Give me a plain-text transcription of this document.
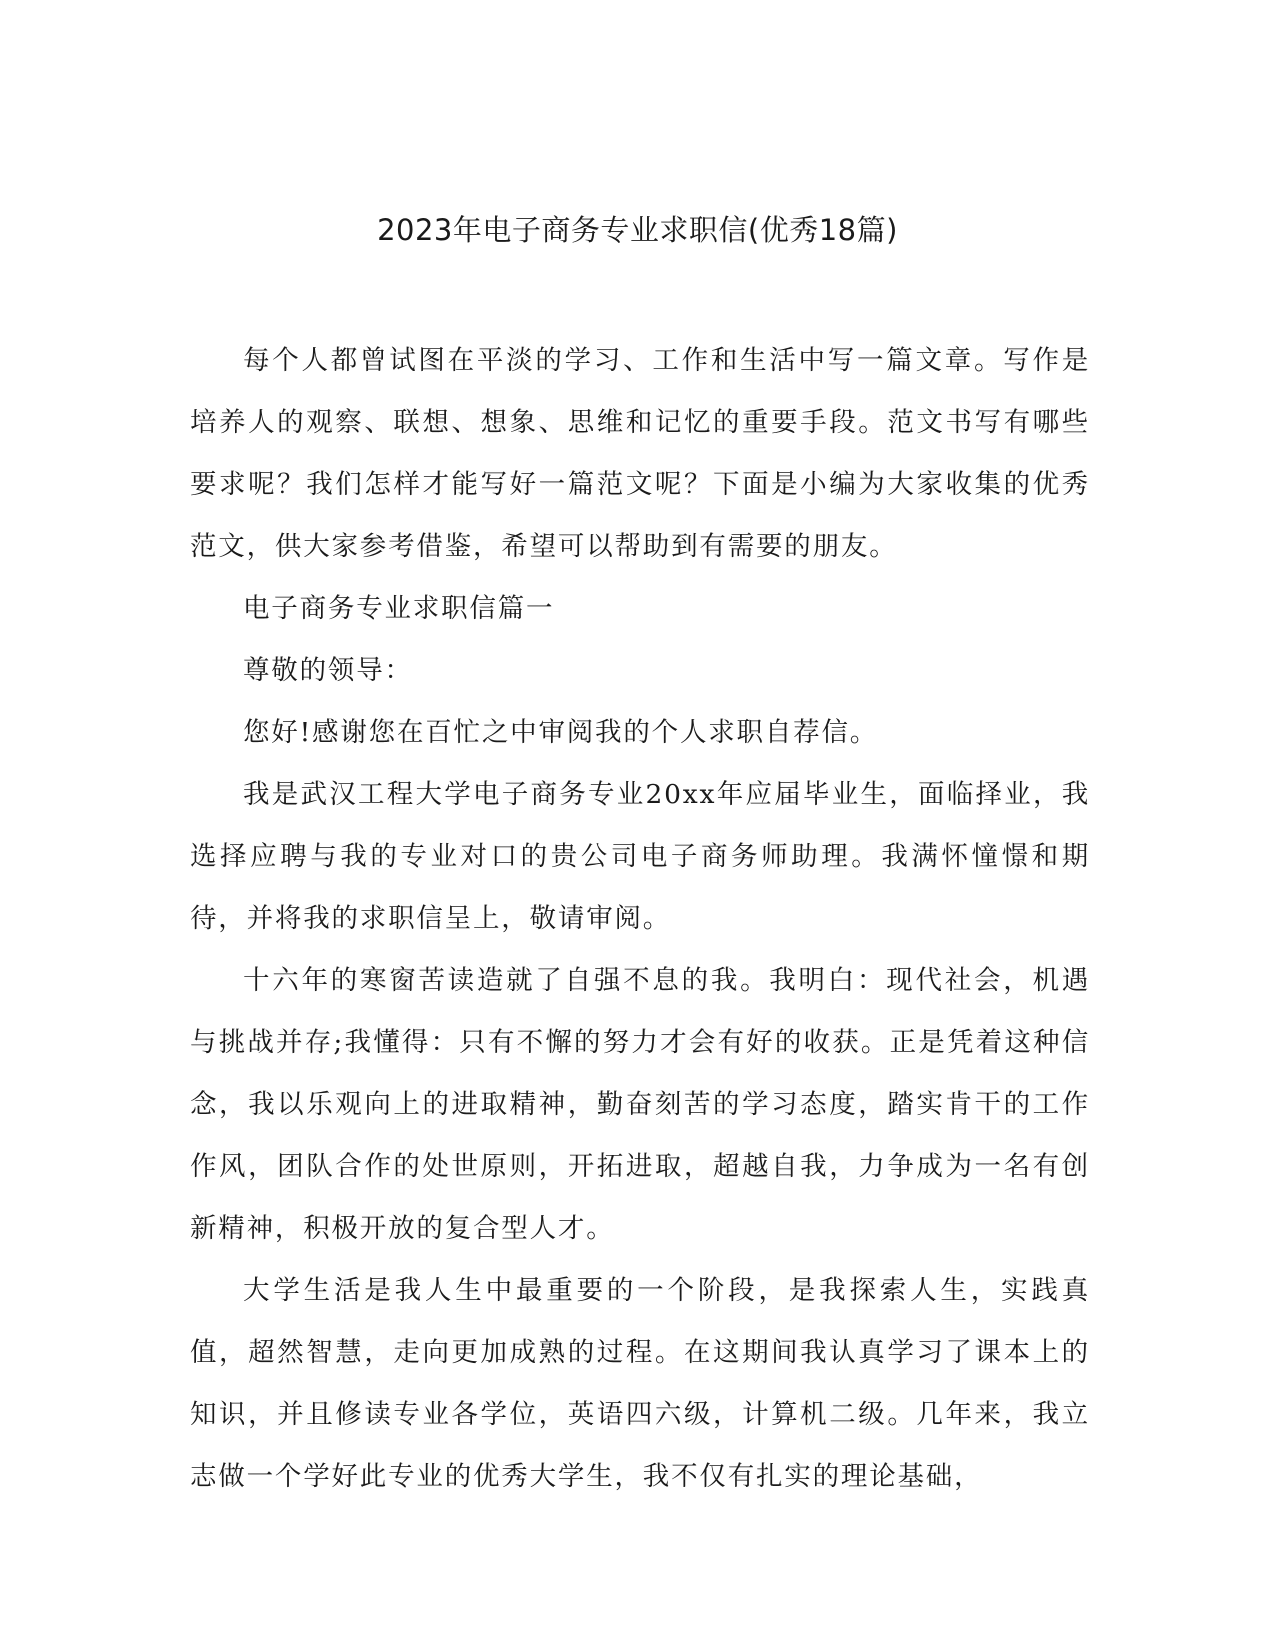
2023年电子商务专业求职信(优秀18篇)

每个人都曾试图在平淡的学习、工作和生活中写一篇文章。写作是培养人的观察、联想、想象、思维和记忆的重要手段。范文书写有哪些要求呢？我们怎样才能写好一篇范文呢？下面是小编为大家收集的优秀范文，供大家参考借鉴，希望可以帮助到有需要的朋友。

电子商务专业求职信篇一

尊敬的领导：

您好!感谢您在百忙之中审阅我的个人求职自荐信。

我是武汉工程大学电子商务专业20xx年应届毕业生，面临择业，我选择应聘与我的专业对口的贵公司电子商务师助理。我满怀憧憬和期待，并将我的求职信呈上，敬请审阅。

十六年的寒窗苦读造就了自强不息的我。我明白：现代社会，机遇与挑战并存;我懂得：只有不懈的努力才会有好的收获。正是凭着这种信念，我以乐观向上的进取精神，勤奋刻苦的学习态度，踏实肯干的工作作风，团队合作的处世原则，开拓进取，超越自我，力争成为一名有创新精神，积极开放的复合型人才。

大学生活是我人生中最重要的一个阶段，是我探索人生，实践真值，超然智慧，走向更加成熟的过程。在这期间我认真学习了课本上的知识，并且修读专业各学位，英语四六级，计算机二级。几年来，我立志做一个学好此专业的优秀大学生，我不仅有扎实的理论基础，
